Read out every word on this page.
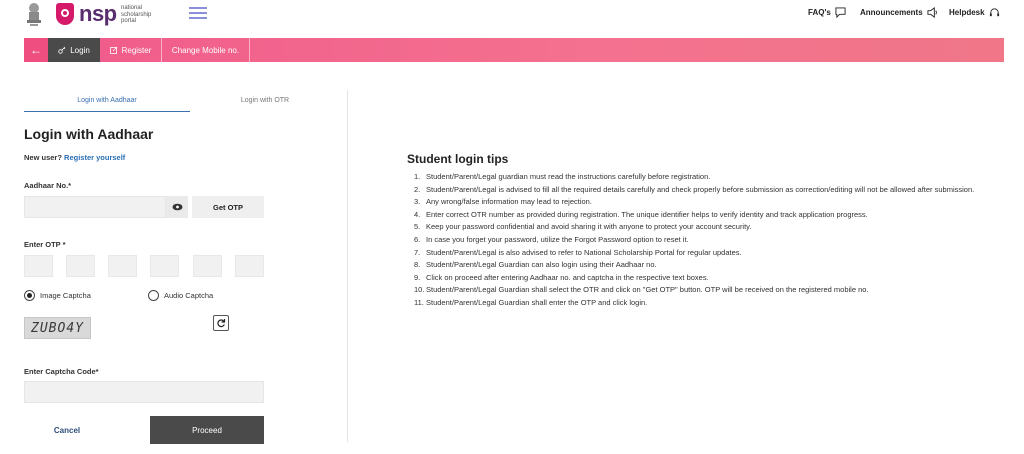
nsp national scholarship portal
FAQ's	Announcements	Helpdesk
←	Login	Register	Change Mobile no.
Login with Aadhaar	Login with OTR
Login with Aadhaar
New user? Register yourself
Aadhaar No.*
Get OTP
Enter OTP *
Image Captcha	Audio Captcha
ZUBO4Y
Enter Captcha Code*
Cancel	Proceed
Student login tips
1. Student/Parent/Legal guardian must read the instructions carefully before registration.
2. Student/Parent/Legal is advised to fill all the required details carefully and check properly before submission as correction/editing will not be allowed after submission.
3. Any wrong/false information may lead to rejection.
4. Enter correct OTR number as provided during registration. The unique identifier helps to verify identity and track application progress.
5. Keep your password confidential and avoid sharing it with anyone to protect your account security.
6. In case you forget your password, utilize the Forgot Password option to reset it.
7. Student/Parent/Legal is also advised to refer to National Scholarship Portal for regular updates.
8. Student/Parent/Legal Guardian can also login using their Aadhaar no.
9. Click on proceed after entering Aadhaar no. and captcha in the respective text boxes.
10. Student/Parent/Legal Guardian shall select the OTR and click on "Get OTP" button. OTP will be received on the registered mobile no.
11. Student/Parent/Legal Guardian shall enter the OTP and click login.
